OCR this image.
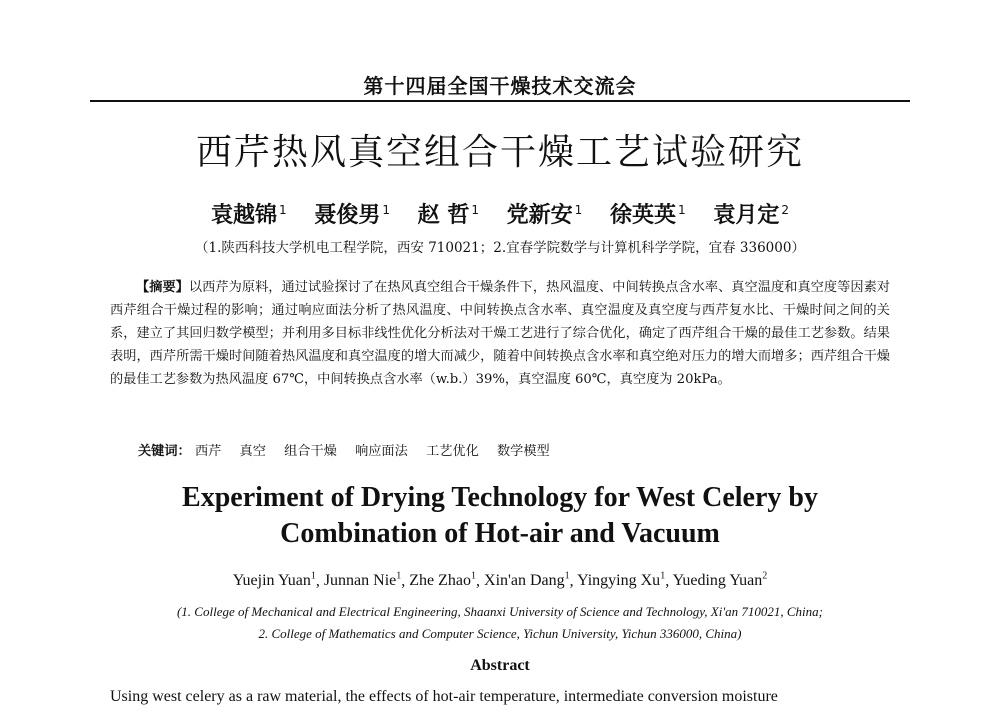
第十四届全国干燥技术交流会
西芹热风真空组合干燥工艺试验研究
袁越锦 $^1$ 聂俊男 $^1$ 赵 哲 $^1$ 党新安 $^1$ 徐英英 $^1$ 袁月定 $^2$
（1.陕西科技大学机电工程学院，西安 710021；2.宜春学院数学与计算机科学学院，宜春 336000）
【摘要】以西芹为原料，通过试验探讨了在热风真空组合干燥条件下，热风温度、中间转换点含水率、真空温度和真空度等因素对西芹组合干燥过程的影响；通过响应面法分析了热风温度、中间转换点含水率、真空温度及真空度与西芹复水比、干燥时间之间的关系，建立了其回归数学模型；并利用多目标非线性优化分析法对干燥工艺进行了综合优化，确定了西芹组合干燥的最佳工艺参数。结果表明，西芹所需干燥时间随着热风温度和真空温度的增大而减少，随着中间转换点含水率和真空绝对压力的增大而增多；西芹组合干燥的最佳工艺参数为热风温度 67℃，中间转换点含水率（w.b.）39%，真空温度 60℃，真空度为 20kPa。
关键词： 西芹 真空 组合干燥 响应面法 工艺优化 数学模型
Experiment of Drying Technology for West Celery by
Combination of Hot-air and Vacuum
Yuejin Yuan$^1$, Junnan Nie$^1$, Zhe Zhao$^1$, Xin'an Dang$^1$, Yingying Xu$^1$, Yueding Yuan$^2$
(1. College of Mechanical and Electrical Engineering, Shaanxi University of Science and Technology, Xi'an 710021, China;
2. College of Mathematics and Computer Science, Yichun University, Yichun 336000, China)
Abstract
Using west celery as a raw material, the effects of hot-air temperature, intermediate conversion moisture
